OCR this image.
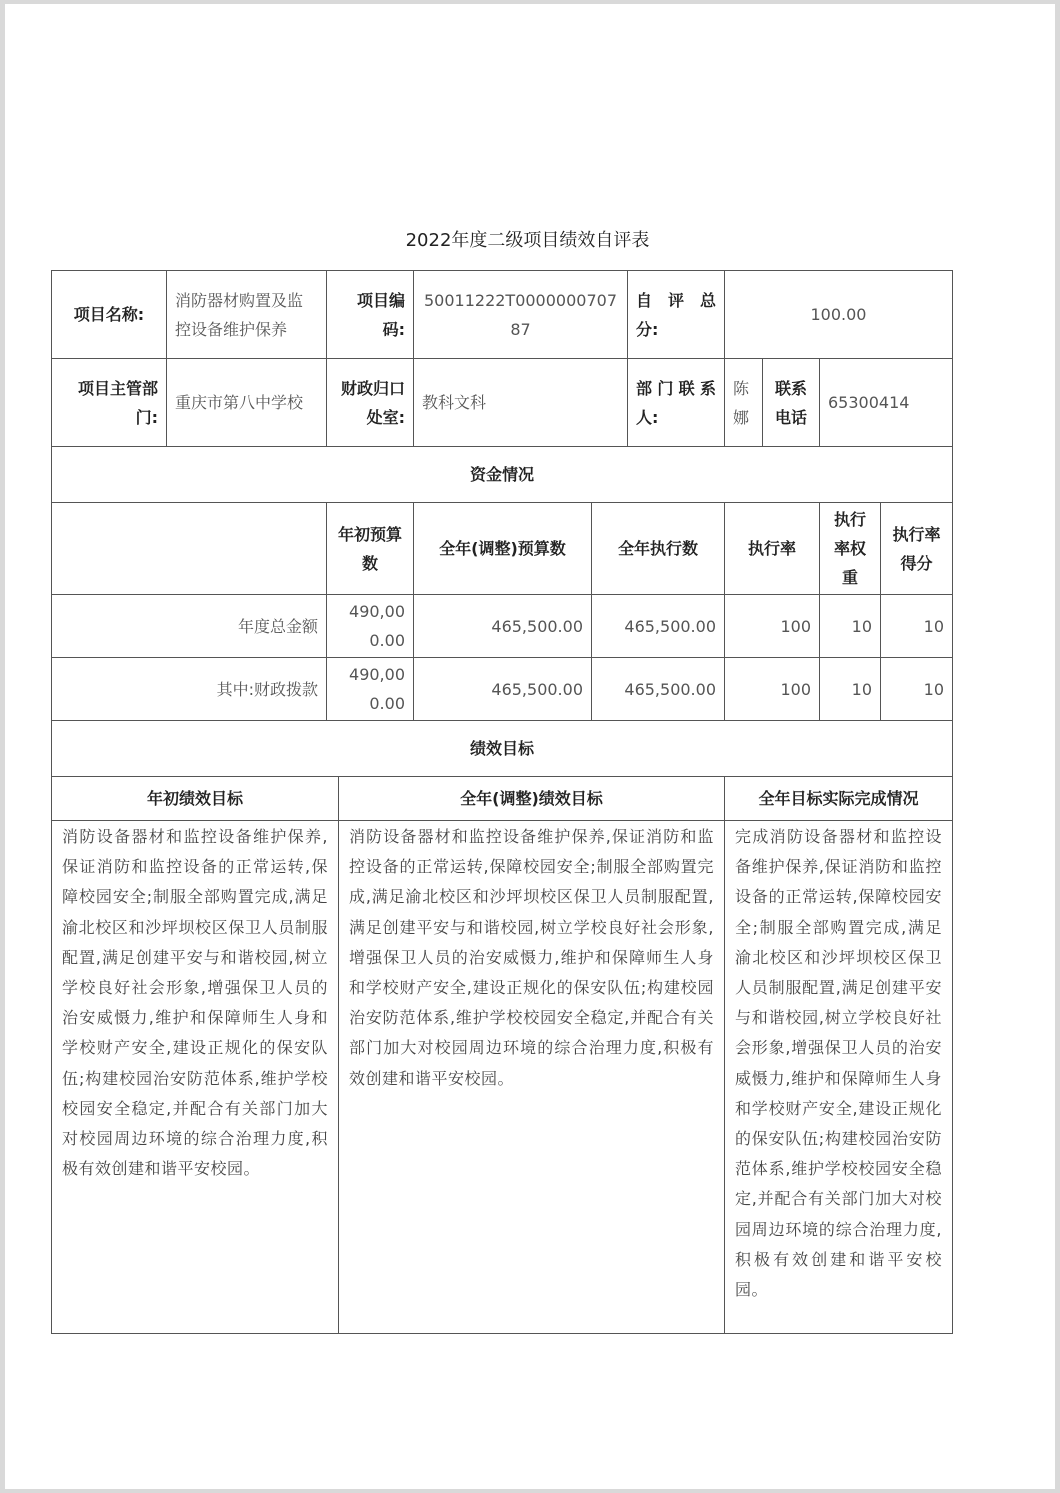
2022年度二级项目绩效自评表
项目名称:	消防器材购置及监控设备维护保养	项目编码:		50011222T000000070787		自 评 总分:	100.00			
项目主管部门:	重庆市第八中学校	财政归口处室:		教科文科		部门联系人:	陈娜	联系电话	65300414	
资金情况										
		年初预算数		全年(调整)预算数	全年执行数		执行率		执行率权重	执行率得分
年度总金额		490,000.00		465,500.00	465,500.00		100		10	10
其中:财政拨款		490,000.00		465,500.00	465,500.00		100		10	10
绩效目标										
年初绩效目标			全年(调整)绩效目标				全年目标实际完成情况			
消防设备器材和监控设备维护保养,保证消防和监控设备的正常运转,保障校园安全;制服全部购置完成,满足渝北校区和沙坪坝校区保卫人员制服配置,满足创建平安与和谐校园,树立学校良好社会形象,增强保卫人员的治安威慑力,维护和保障师生人身和学校财产安全,建设正规化的保安队伍;构建校园治安防范体系,维护学校校园安全稳定,并配合有关部门加大对校园周边环境的综合治理力度,积极有效创建和谐平安校园。			消防设备器材和监控设备维护保养,保证消防和监控设备的正常运转,保障校园安全;制服全部购置完成,满足渝北校区和沙坪坝校区保卫人员制服配置,满足创建平安与和谐校园,树立学校良好社会形象,增强保卫人员的治安威慑力,维护和保障师生人身和学校财产安全,建设正规化的保安队伍;构建校园治安防范体系,维护学校校园安全稳定,并配合有关部门加大对校园周边环境的综合治理力度,积极有效创建和谐平安校园。				完成消防设备器材和监控设备维护保养,保证消防和监控设备的正常运转,保障校园安全;制服全部购置完成,满足渝北校区和沙坪坝校区保卫人员制服配置,满足创建平安与和谐校园,树立学校良好社会形象,增强保卫人员的治安威慑力,维护和保障师生人身和学校财产安全,建设正规化的保安队伍;构建校园治安防范体系,维护学校校园安全稳定,并配合有关部门加大对校园周边环境的综合治理力度,积极有效创建和谐平安校园。			
